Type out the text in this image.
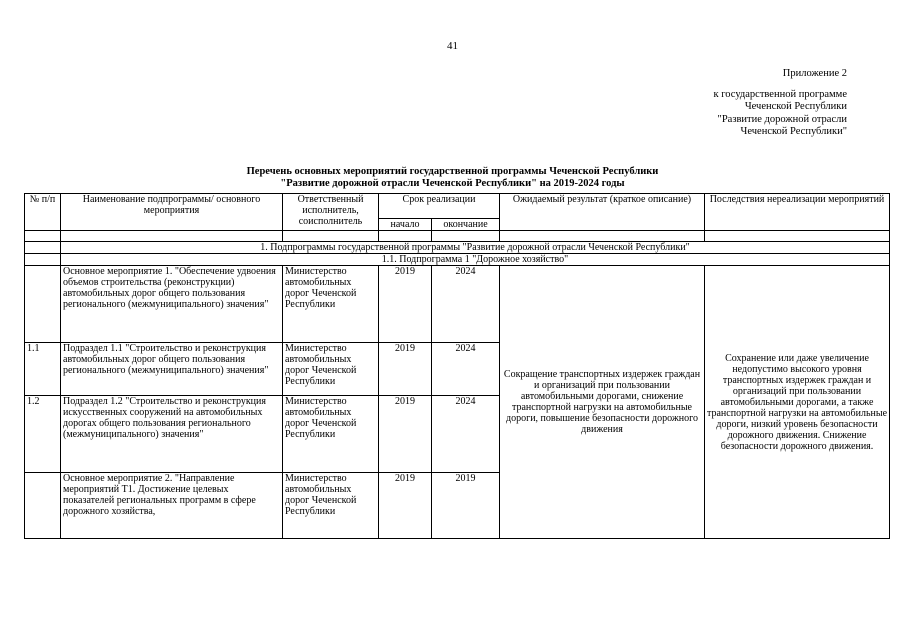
41
Приложение 2
к государственной программе
Чеченской Республики
"Развитие дорожной отрасли
Чеченской Республики"
Перечень основных мероприятий государственной программы Чеченской Республики
"Развитие дорожной отрасли Чеченской Республики" на 2019-2024 годы
№ п/п	Наименование подпрограммы/ основного мероприятия	Ответственный исполнитель, соисполнитель	Срок реализации		Ожидаемый результат (краткое описание)	Последствия нереализации мероприятий
			начало	окончание		

	1. Подпрограммы государственной программы "Развитие дорожной отрасли Чеченской Республики"					
	1.1. Подпрограмма 1 "Дорожное хозяйство"					
	Основное мероприятие 1. "Обеспечение удвоения объемов строительства (реконструкции) автомобильных дорог общего пользования регионального (межмуниципального) значения"	Министерство автомобильных дорог Чеченской Республики	2019	2024	Сокращение транспортных издержек граждан и организаций при пользовании автомобильными дорогами, снижение транспортной нагрузки на автомобильные дороги, повышение безопасности дорожного движения	Сохранение или даже увеличение недопустимо высокого уровня транспортных издержек граждан и организаций при пользовании автомобильными дорогами, а также транспортной нагрузки на автомобильные дороги, низкий уровень безопасности дорожного движения. Снижение безопасности дорожного движения.
1.1	Подраздел 1.1 "Строительство и реконструкция автомобильных дорог общего пользования регионального (межмуниципального) значения"	Министерство автомобильных дорог Чеченской Республики	2019	2024		
1.2	Подраздел 1.2 "Строительство и реконструкция искусственных сооружений на автомобильных дорогах общего пользования регионального (межмуниципального) значения"	Министерство автомобильных дорог Чеченской Республики	2019	2024		
	Основное мероприятие 2. "Направление мероприятий Т1. Достижение целевых показателей региональных программ в сфере дорожного хозяйства,	Министерство автомобильных дорог Чеченской Республики	2019	2019		
